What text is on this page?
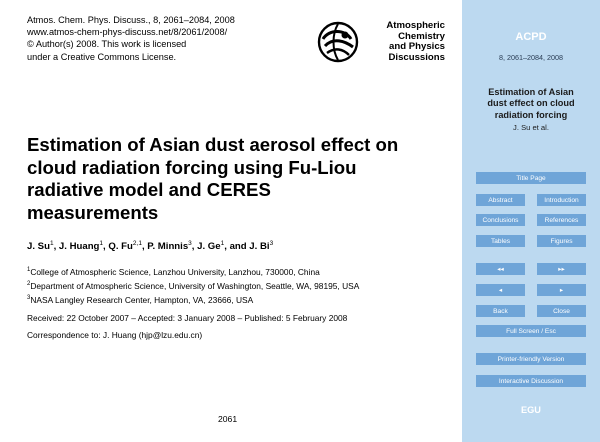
Atmos. Chem. Phys. Discuss., 8, 2061–2084, 2008
www.atmos-chem-phys-discuss.net/8/2061/2008/
© Author(s) 2008. This work is licensed
under a Creative Commons License.
Atmospheric
Chemistry
and Physics
Discussions
Estimation of Asian dust aerosol effect on
cloud radiation forcing using Fu-Liou
radiative model and CERES
measurements
J. Su$^1$, J. Huang$^1$, Q. Fu$^{2,1}$, P. Minnis$^3$, J. Ge$^1$, and J. Bi$^3$
$^1$College of Atmospheric Science, Lanzhou University, Lanzhou, 730000, China
$^2$Department of Atmospheric Science, University of Washington, Seattle, WA, 98195, USA
$^3$NASA Langley Research Center, Hampton, VA, 23666, USA
Received: 22 October 2007 – Accepted: 3 January 2008 – Published: 5 February 2008
Correspondence to: J. Huang (hjp@lzu.edu.cn)
2061
ACPD
8, 2061–2084, 2008
Estimation of Asian
dust effect on cloud
radiation forcing
J. Su et al.
EGU
Title Page
Abstract	Introduction
Conclusions	References
Tables	Figures
◂◂	▸▸
◂	▸
Back	Close
Full Screen / Esc
Printer-friendly Version
Interactive Discussion
